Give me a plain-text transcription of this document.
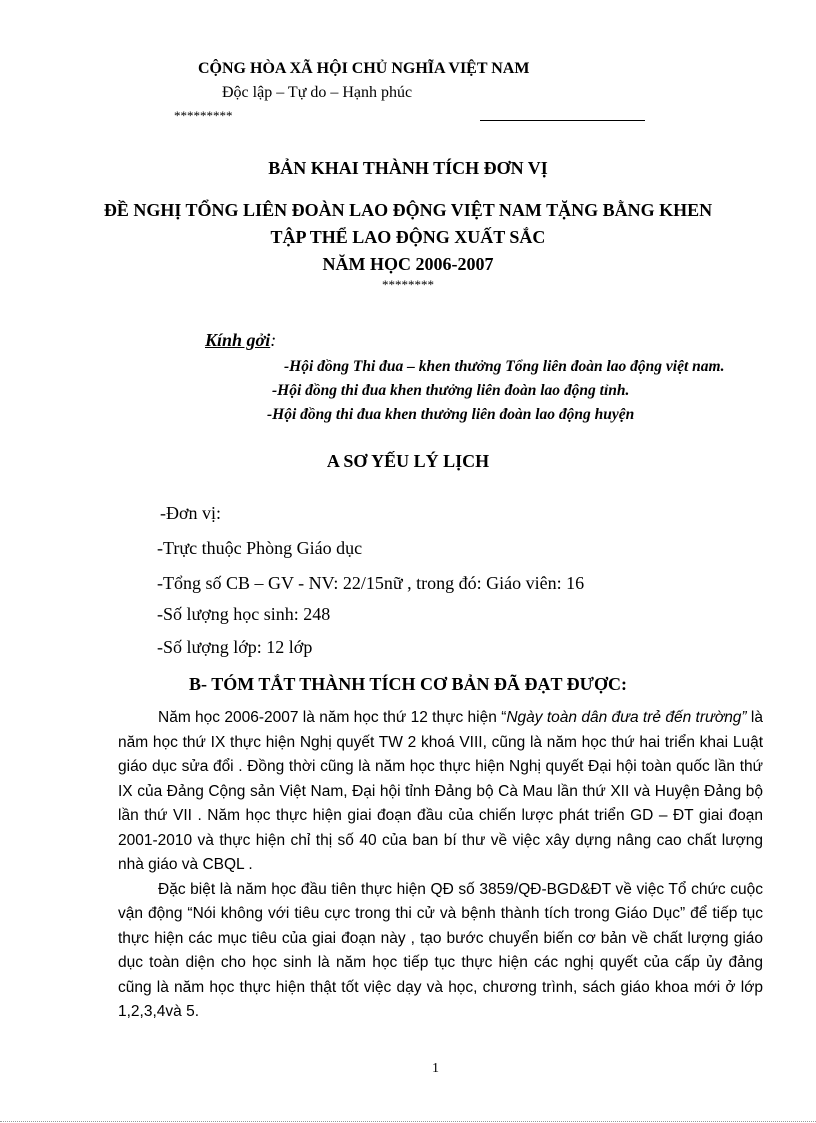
CỘNG HÒA XÃ HỘI CHỦ NGHĨA VIỆT NAM
Độc lập – Tự do – Hạnh phúc
*********
BẢN KHAI THÀNH TÍCH ĐƠN VỊ
ĐỀ NGHỊ TỔNG LIÊN ĐOÀN LAO ĐỘNG VIỆT NAM TẶNG BẰNG KHEN
TẬP THỂ LAO ĐỘNG XUẤT SẮC
NĂM HỌC 2006-2007
********
Kính gởi:
-Hội đồng Thi đua – khen thưởng Tổng liên đoàn lao động việt nam.
-Hội đồng thi đua khen thưởng liên đoàn lao động tỉnh.
-Hội đồng thi đua khen thưởng liên đoàn lao động huyện
A SƠ YẾU LÝ LỊCH
-Đơn vị:
-Trực thuộc Phòng Giáo dục
-Tổng số CB – GV - NV: 22/15nữ , trong đó: Giáo viên: 16
-Số lượng học sinh: 248
-Số lượng lớp: 12 lớp
B- TÓM TẮT THÀNH TÍCH CƠ BẢN ĐÃ ĐẠT ĐƯỢC:

Năm học 2006-2007 là năm học thứ 12 thực hiện “Ngày toàn dân đưa trẻ đến trường” là năm học thứ IX thực hiện Nghị quyết TW 2 khoá VIII, cũng là năm học thứ hai triển khai Luật giáo dục sửa đổi . Đồng thời cũng là năm học thực hiện Nghị quyết Đại hội toàn quốc lần thứ IX của Đảng Cộng sản Việt Nam, Đại hội tỉnh Đảng bộ Cà Mau lần thứ XII và Huyện Đảng bộ lần thứ VII . Năm học thực hiện giai đoạn đầu của chiến lược phát triển GD – ĐT giai đoạn 2001-2010 và thực hiện chỉ thị số 40 của ban bí thư về việc xây dựng nâng cao chất lượng nhà giáo và CBQL .

Đặc biệt là năm học đầu tiên thực hiện QĐ số 3859/QĐ-BGD&ĐT về việc Tổ chức cuộc vận động “Nói không với tiêu cực trong thi cử và bệnh thành tích trong Giáo Dục” để tiếp tục thực hiện các mục tiêu của giai đoạn này , tạo bước chuyển biến cơ bản về chất lượng giáo dục toàn diện cho học sinh là năm học tiếp tục thực hiện các nghị quyết của cấp ủy đảng cũng là năm học thực hiện thật tốt việc dạy và học, chương trình, sách giáo khoa mới ở lớp 1,2,3,4và 5.

1
